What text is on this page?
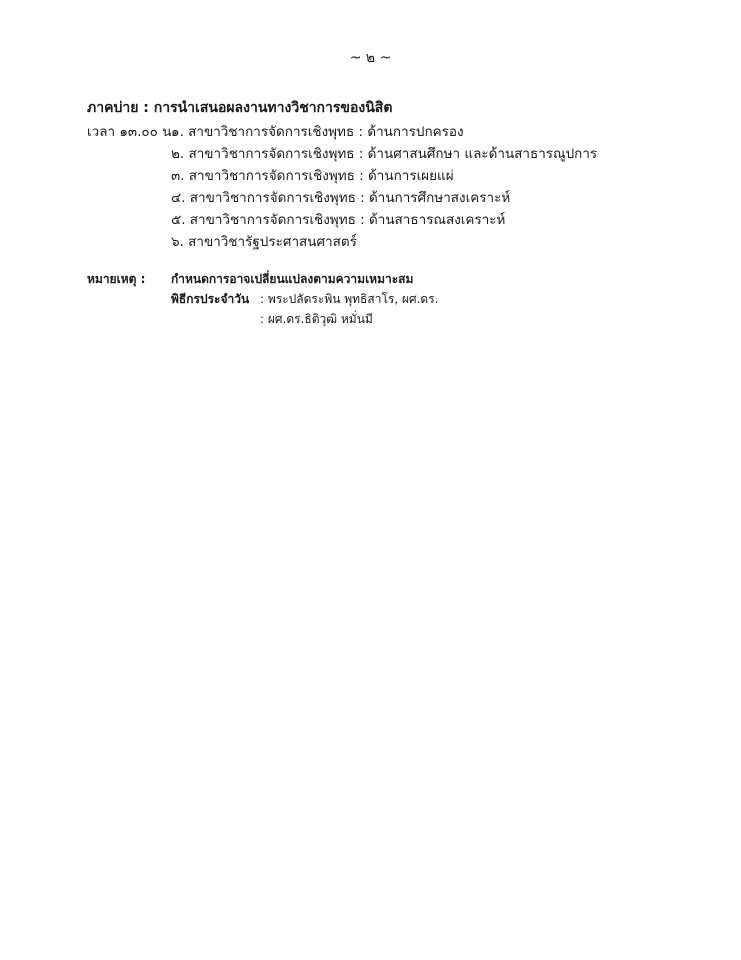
~ ๒ ~
ภาคบ่าย : การนำเสนอผลงานทางวิชาการของนิสิต
เวลา ๑๓.๐๐ น.
๑. สาขาวิชาการจัดการเชิงพุทธ : ด้านการปกครอง
๒. สาขาวิชาการจัดการเชิงพุทธ : ด้านศาสนศึกษา และด้านสาธารณูปการ
๓. สาขาวิชาการจัดการเชิงพุทธ : ด้านการเผยแผ่
๔. สาขาวิชาการจัดการเชิงพุทธ : ด้านการศึกษาสงเคราะห์
๕. สาขาวิชาการจัดการเชิงพุทธ : ด้านสาธารณสงเคราะห์
๖. สาขาวิชารัฐประศาสนศาสตร์
หมายเหตุ : กำหนดการอาจเปลี่ยนแปลงตามความเหมาะสม
พิธีกรประจำวัน : พระปลัดระพิน พุทธิสาโร, ผศ.ดร.
: ผศ.ดร.ธิติวุฒิ หมั่นมี
